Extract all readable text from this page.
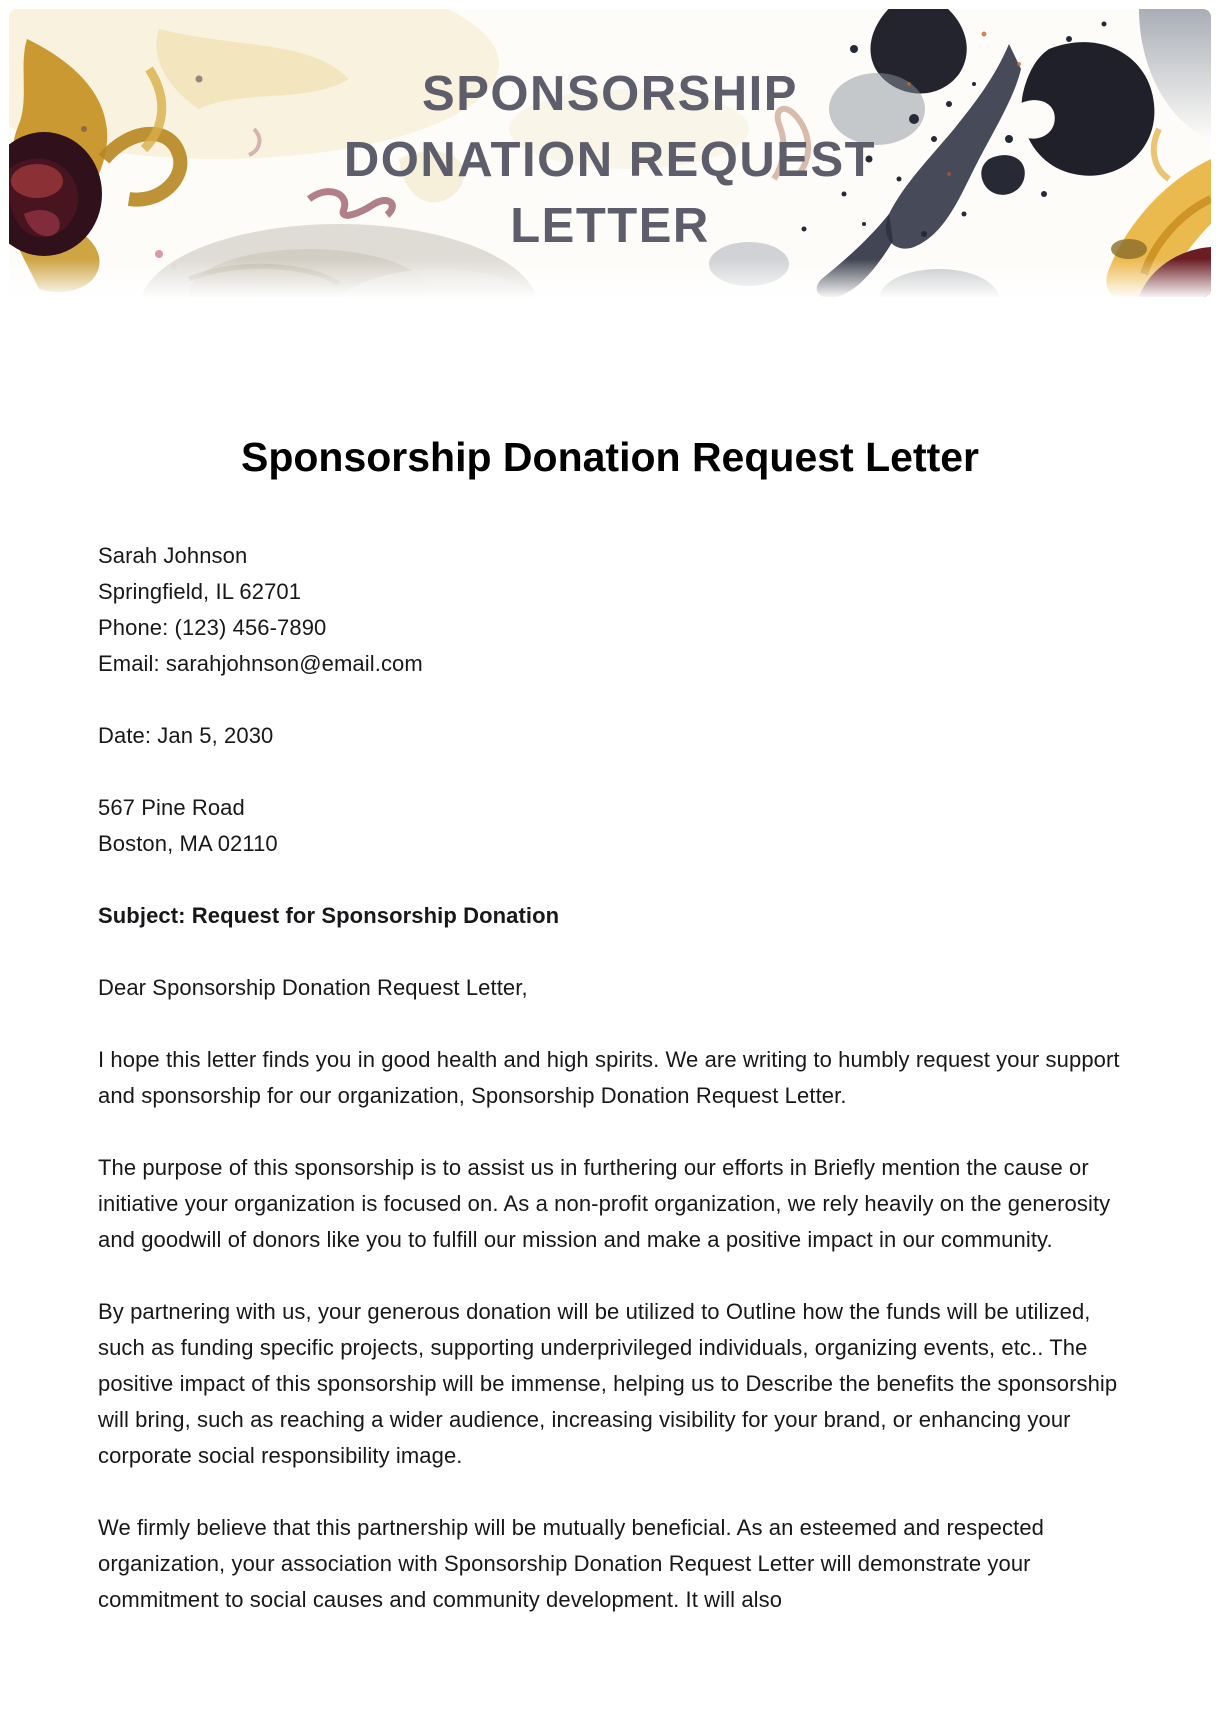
SPONSORSHIP
DONATION REQUEST
LETTER
Sponsorship Donation Request Letter
Sarah Johnson
Springfield, IL 62701
Phone: (123) 456-7890
Email: sarahjohnson@email.com
Date: Jan 5, 2030
567 Pine Road
Boston, MA 02110
Subject: Request for Sponsorship Donation
Dear Sponsorship Donation Request Letter,

I hope this letter finds you in good health and high spirits. We are writing to humbly request your support and sponsorship for our organization, Sponsorship Donation Request Letter.

The purpose of this sponsorship is to assist us in furthering our efforts in Briefly mention the cause or initiative your organization is focused on. As a non-profit organization, we rely heavily on the generosity and goodwill of donors like you to fulfill our mission and make a positive impact in our community.

By partnering with us, your generous donation will be utilized to Outline how the funds will be utilized, such as funding specific projects, supporting underprivileged individuals, organizing events, etc.. The positive impact of this sponsorship will be immense, helping us to Describe the benefits the sponsorship will bring, such as reaching a wider audience, increasing visibility for your brand, or enhancing your corporate social responsibility image.

We firmly believe that this partnership will be mutually beneficial. As an esteemed and respected organization, your association with Sponsorship Donation Request Letter will demonstrate your commitment to social causes and community development. It will also
